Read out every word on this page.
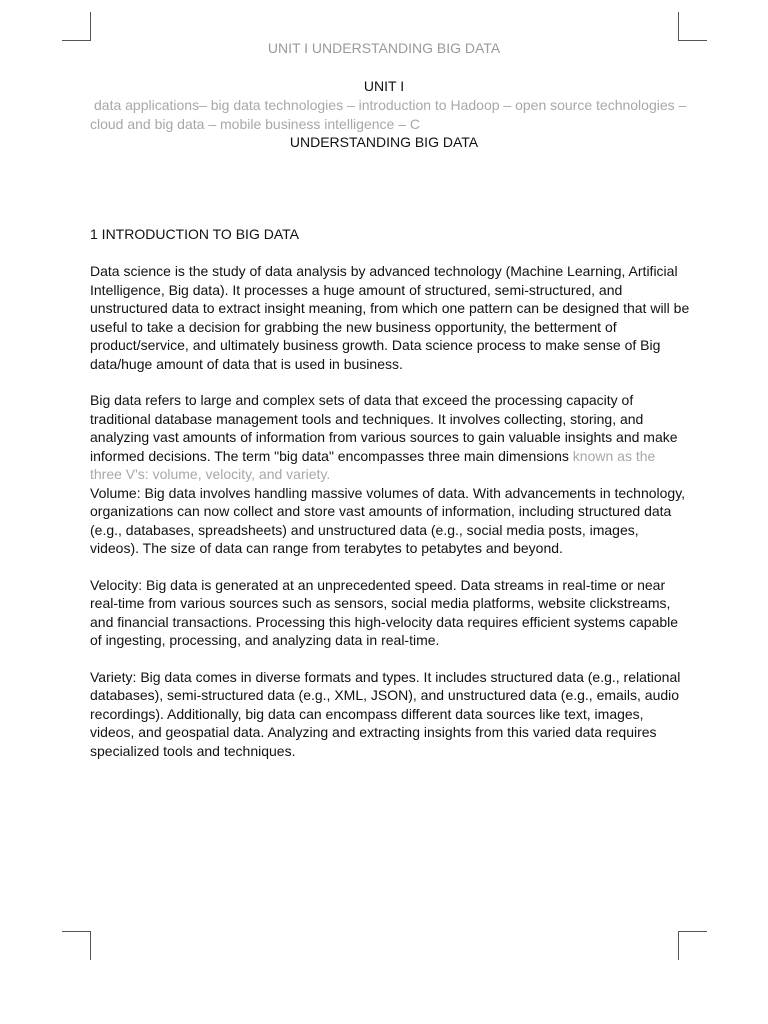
UNIT I UNDERSTANDING BIG DATA
UNIT I
data applications– big data technologies – introduction to Hadoop – open source technologies – cloud and big data – mobile business intelligence – C
UNDERSTANDING BIG DATA
1 INTRODUCTION TO BIG DATA

Data science is the study of data analysis by advanced technology (Machine Learning, Artificial Intelligence, Big data). It processes a huge amount of structured, semi-structured, and unstructured data to extract insight meaning, from which one pattern can be designed that will be useful to take a decision for grabbing the new business opportunity, the betterment of product/service, and ultimately business growth. Data science process to make sense of Big data/huge amount of data that is used in business.

Big data refers to large and complex sets of data that exceed the processing capacity of traditional database management tools and techniques. It involves collecting, storing, and analyzing vast amounts of information from various sources to gain valuable insights and make informed decisions. The term "big data" encompasses three main dimensions known as the three V's: volume, velocity, and variety.

Volume: Big data involves handling massive volumes of data. With advancements in technology, organizations can now collect and store vast amounts of information, including structured data (e.g., databases, spreadsheets) and unstructured data (e.g., social media posts, images, videos). The size of data can range from terabytes to petabytes and beyond.

Velocity: Big data is generated at an unprecedented speed. Data streams in real-time or near real-time from various sources such as sensors, social media platforms, website clickstreams, and financial transactions. Processing this high-velocity data requires efficient systems capable of ingesting, processing, and analyzing data in real-time.

Variety: Big data comes in diverse formats and types. It includes structured data (e.g., relational databases), semi-structured data (e.g., XML, JSON), and unstructured data (e.g., emails, audio recordings). Additionally, big data can encompass different data sources like text, images, videos, and geospatial data. Analyzing and extracting insights from this varied data requires specialized tools and techniques.
